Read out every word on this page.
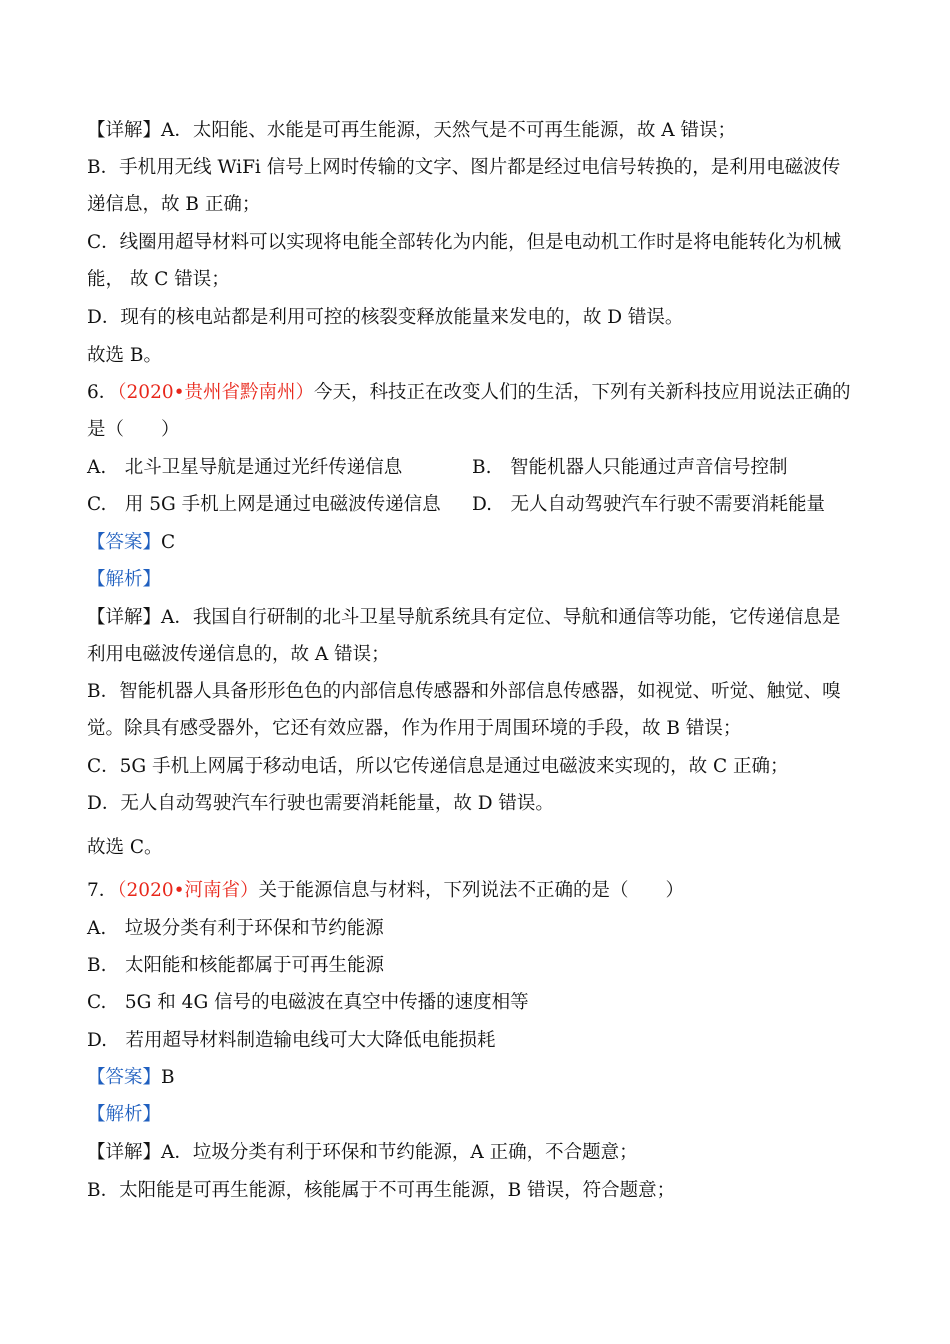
【详解】A．太阳能、水能是可再生能源，天然气是不可再生能源，故 A 错误；
B．手机用无线 WiFi 信号上网时传输的文字、图片都是经过电信号转换的，是利用电磁波传
递信息，故 B 正确；
C．线圈用超导材料可以实现将电能全部转化为内能，但是电动机工作时是将电能转化为机械
能， 故 C 错误；
D．现有的核电站都是利用可控的核裂变释放能量来发电的，故 D 错误。
故选 B。
6．（2020•贵州省黔南州）今天，科技正在改变人们的生活，下列有关新科技应用说法正确的
是（　　）
A.　北斗卫星导航是通过光纤传递信息	B.　智能机器人只能通过声音信号控制
C.　用 5G 手机上网是通过电磁波传递信息 D.　无人自动驾驶汽车行驶不需要消耗能量
【答案】C
【解析】
【详解】A．我国自行研制的北斗卫星导航系统具有定位、导航和通信等功能，它传递信息是
利用电磁波传递信息的，故 A 错误；
B．智能机器人具备形形色色的内部信息传感器和外部信息传感器，如视觉、听觉、触觉、嗅
觉。除具有感受器外，它还有效应器，作为作用于周围环境的手段，故 B 错误；
C．5G 手机上网属于移动电话，所以它传递信息是通过电磁波来实现的，故 C 正确；
D．无人自动驾驶汽车行驶也需要消耗能量，故 D 错误。
故选 C。
7．（2020•河南省）关于能源信息与材料，下列说法不正确的是（　　）
A.　垃圾分类有利于环保和节约能源
B.　太阳能和核能都属于可再生能源
C.　5G 和 4G 信号的电磁波在真空中传播的速度相等
D.　若用超导材料制造输电线可大大降低电能损耗
【答案】B
【解析】
【详解】A．垃圾分类有利于环保和节约能源，A 正确，不合题意；
B．太阳能是可再生能源，核能属于不可再生能源，B 错误，符合题意；
